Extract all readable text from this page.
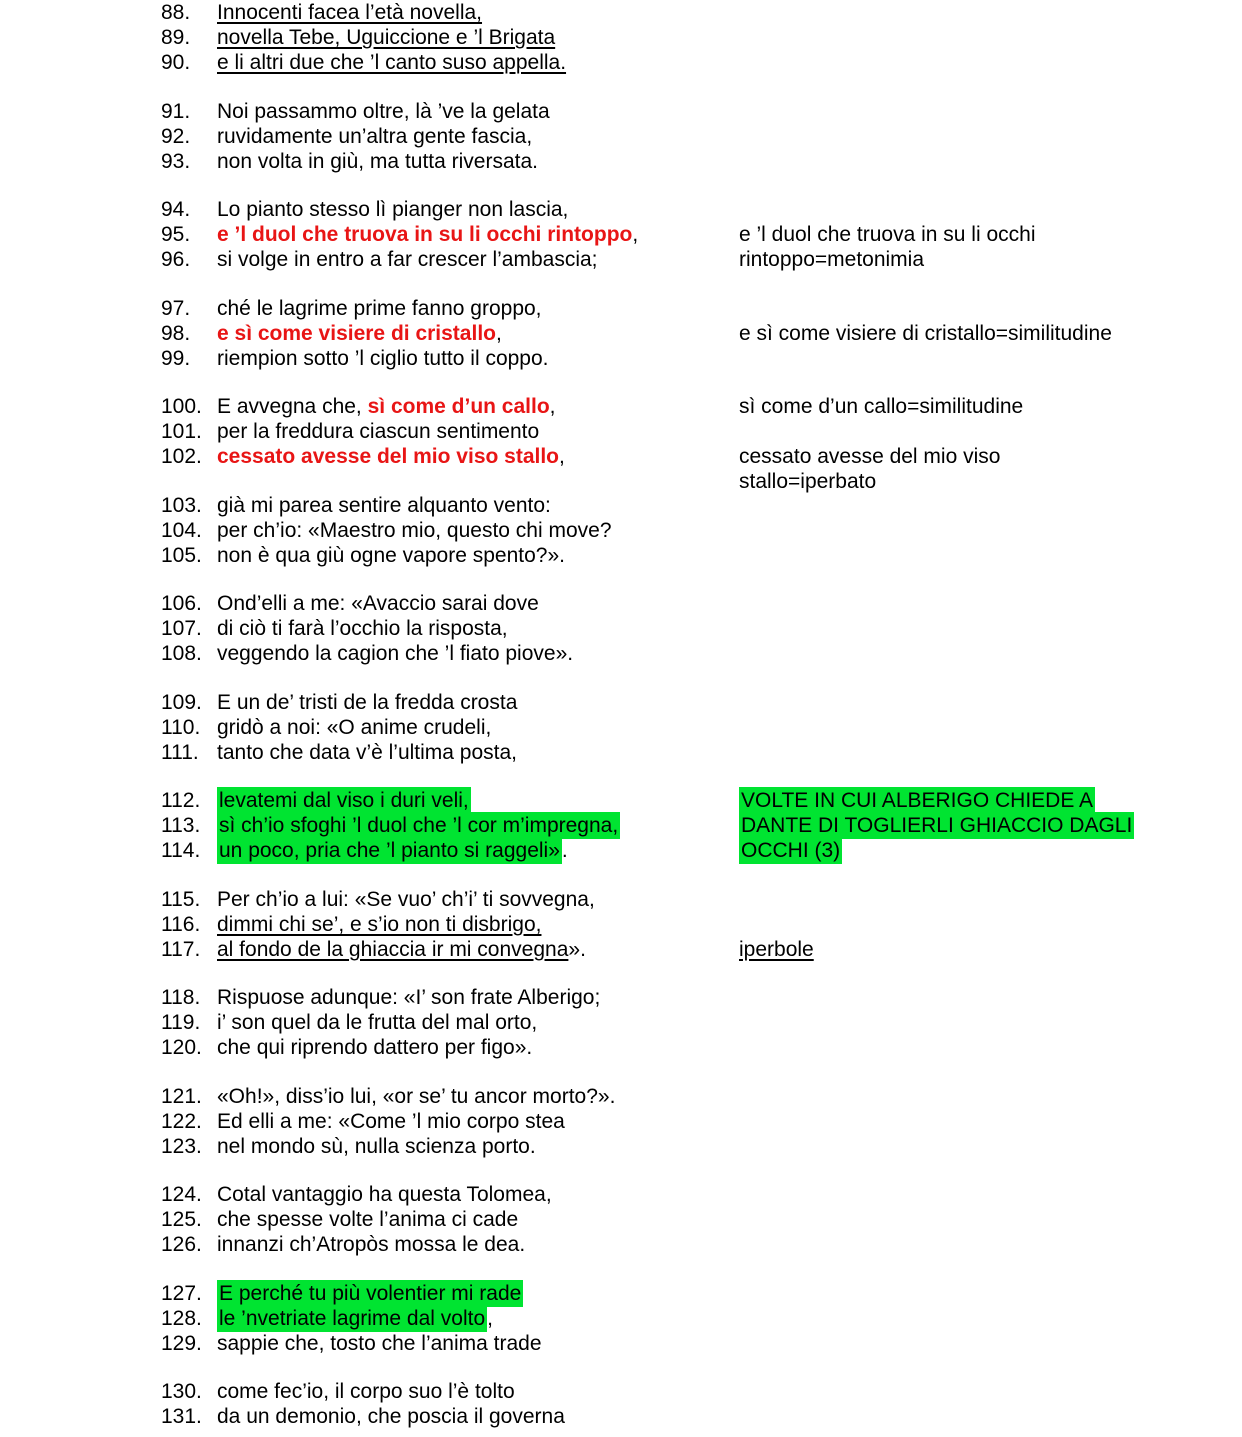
88. Innocenti facea l’età novella,
89. novella Tebe, Uguiccione e ’l Brigata
90. e li altri due che ’l canto suso appella.
91. Noi passammo oltre, là ’ve la gelata
92. ruvidamente un’altra gente fascia,
93. non volta in giù, ma tutta riversata.
94. Lo pianto stesso lì pianger non lascia,
95. e ’l duol che truova in su li occhi rintoppo,
96. si volge in entro a far crescer l’ambascia;
e ’l duol che truova in su li occhi
rintoppo=metonimia
97. ché le lagrime prime fanno groppo,
98. e sì come visiere di cristallo,
99. riempion sotto ’l ciglio tutto il coppo.
e sì come visiere di cristallo=similitudine
100. E avvegna che, sì come d’un callo,
101. per la freddura ciascun sentimento
102. cessato avesse del mio viso stallo,
sì come d’un callo=similitudine
cessato avesse del mio viso
stallo=iperbato
103. già mi parea sentire alquanto vento:
104. per ch’io: «Maestro mio, questo chi move?
105. non è qua giù ogne vapore spento?».
106. Ond’elli a me: «Avaccio sarai dove
107. di ciò ti farà l’occhio la risposta,
108. veggendo la cagion che ’l fiato piove».
109. E un de’ tristi de la fredda crosta
110. gridò a noi: «O anime crudeli,
111. tanto che data v’è l’ultima posta,
112. levatemi dal viso i duri veli,
113. sì ch’io sfoghi ’l duol che ’l cor m’impregna,
114. un poco, pria che ’l pianto si raggeli».
VOLTE IN CUI ALBERIGO CHIEDE A
DANTE DI TOGLIERLI GHIACCIO DAGLI
OCCHI (3)
115. Per ch’io a lui: «Se vuo’ ch’i’ ti sovvegna,
116. dimmi chi se’, e s’io non ti disbrigo,
117. al fondo de la ghiaccia ir mi convegna».	iperbole
118. Rispuose adunque: «I’ son frate Alberigo;
119. i’ son quel da le frutta del mal orto,
120. che qui riprendo dattero per figo».
121. «Oh!», diss’io lui, «or se’ tu ancor morto?».
122. Ed elli a me: «Come ’l mio corpo stea
123. nel mondo sù, nulla scienza porto.
124. Cotal vantaggio ha questa Tolomea,
125. che spesse volte l’anima ci cade
126. innanzi ch’Atropòs mossa le dea.
127. E perché tu più volentier mi rade
128. le ’nvetriate lagrime dal volto,
129. sappie che, tosto che l’anima trade
130. come fec’io, il corpo suo l’è tolto
131. da un demonio, che poscia il governa
